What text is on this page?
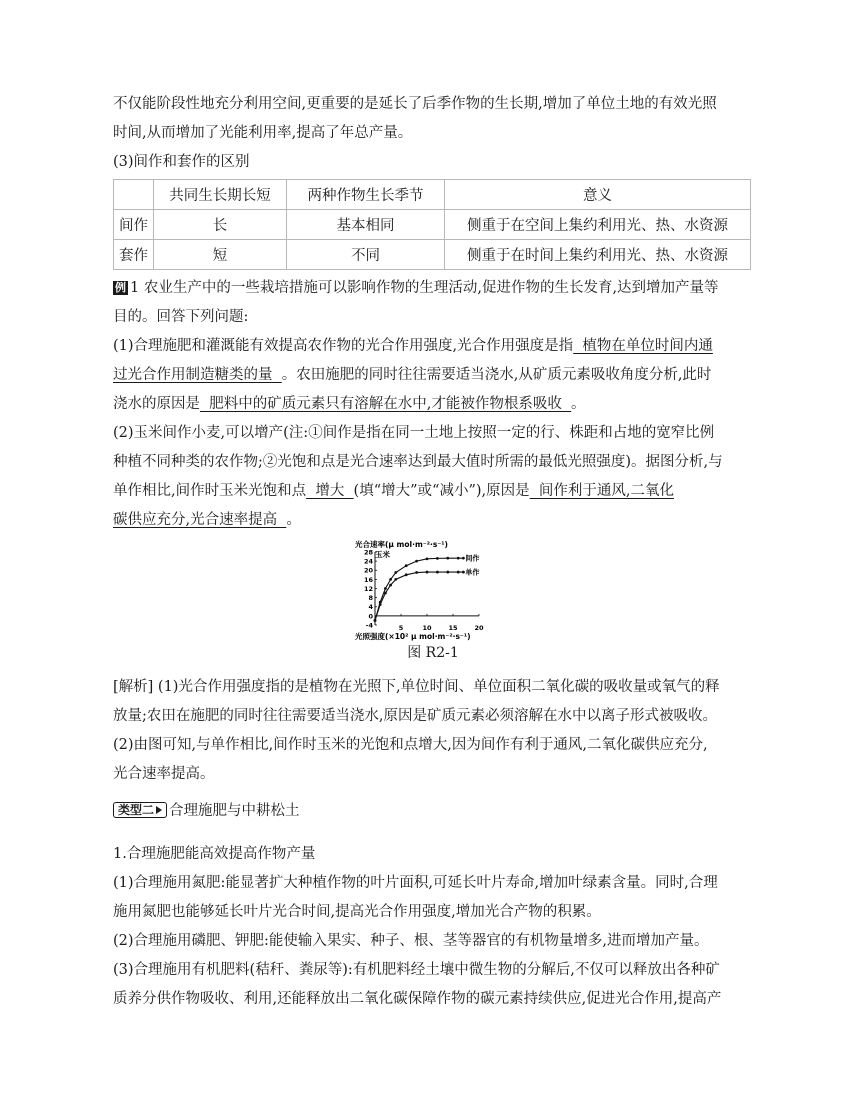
不仅能阶段性地充分利用空间,更重要的是延长了后季作物的生长期,增加了单位土地的有效光照

时间,从而增加了光能利用率,提高了年总产量。

(3)间作和套作的区别

	共同生长期长短	两种作物生长季节	意义
间作	长	基本相同	侧重于在空间上集约利用光、热、水资源
套作	短	不同	侧重于在时间上集约利用光、热、水资源

例 1 农业生产中的一些栽培措施可以影响作物的生理活动,促进作物的生长发育,达到增加产量等

目的。回答下列问题:

(1)合理施肥和灌溉能有效提高农作物的光合作用强度,光合作用强度是指  植物在单位时间内通

过光合作用制造糖类的量  。农田施肥的同时往往需要适当浇水,从矿质元素吸收角度分析,此时

浇水的原因是  肥料中的矿质元素只有溶解在水中,才能被作物根系吸收  。

(2)玉米间作小麦,可以增产(注:①间作是指在同一土地上按照一定的行、株距和占地的宽窄比例

种植不同种类的农作物;②光饱和点是光合速率达到最大值时所需的最低光照强度)。据图分析,与

单作相比,间作时玉米光饱和点  增大  (填“增大”或“减小”),原因是  间作利于通风,二氧化

碳供应充分,光合速率提高  。

光合速率(μ mol·m⁻²·s⁻¹)
玉米
光照强度(×10² μ mol·m⁻²·s⁻¹)
28
24
20
16
12
8
4
0
-4	5	10	15	20
间作
单作
图 R2-1

[解析] (1)光合作用强度指的是植物在光照下,单位时间、单位面积二氧化碳的吸收量或氧气的释

放量;农田在施肥的同时往往需要适当浇水,原因是矿质元素必须溶解在水中以离子形式被吸收。

(2)由图可知,与单作相比,间作时玉米的光饱和点增大,因为间作有利于通风,二氧化碳供应充分,

光合速率提高。

类型二 合理施肥与中耕松土

1.合理施肥能高效提高作物产量

(1)合理施用氮肥:能显著扩大种植作物的叶片面积,可延长叶片寿命,增加叶绿素含量。同时,合理

施用氮肥也能够延长叶片光合时间,提高光合作用强度,增加光合产物的积累。

(2)合理施用磷肥、钾肥:能使输入果实、种子、根、茎等器官的有机物量增多,进而增加产量。

(3)合理施用有机肥料(秸秆、粪尿等):有机肥料经土壤中微生物的分解后,不仅可以释放出各种矿

质养分供作物吸收、利用,还能释放出二氧化碳保障作物的碳元素持续供应,促进光合作用,提高产
